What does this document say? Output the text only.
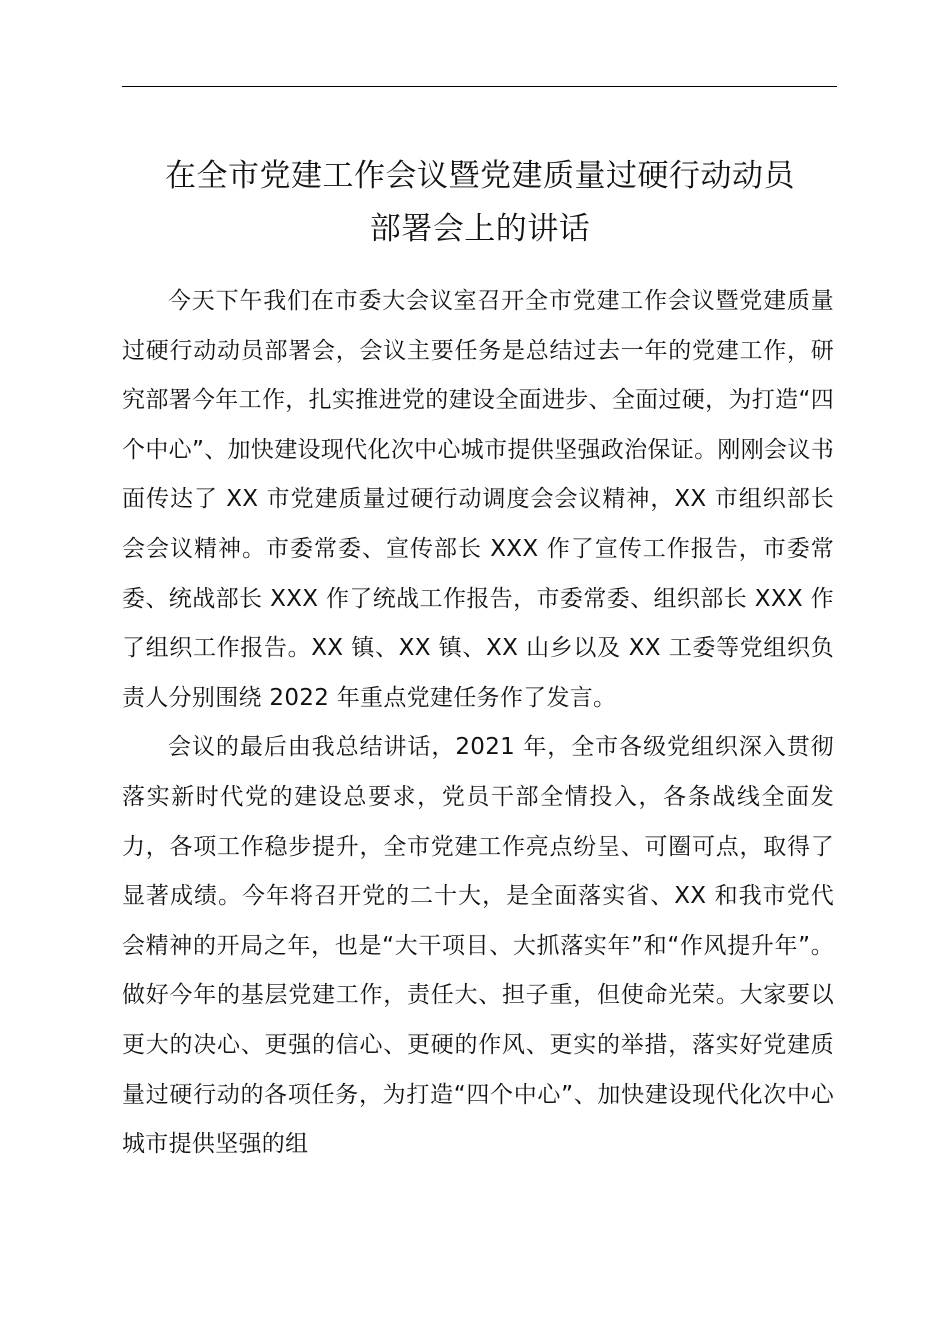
在全市党建工作会议暨党建质量过硬行动动员
部署会上的讲话

今天下午我们在市委大会议室召开全市党建工作会议暨党建质量过硬行动动员部署会，会议主要任务是总结过去一年的党建工作，研究部署今年工作，扎实推进党的建设全面进步、全面过硬，为打造“四个中心”、加快建设现代化次中心城市提供坚强政治保证。刚刚会议书面传达了 XX 市党建质量过硬行动调度会会议精神，XX 市组织部长会会议精神。市委常委、宣传部长 XXX 作了宣传工作报告，市委常委、统战部长 XXX 作了统战工作报告，市委常委、组织部长 XXX 作了组织工作报告。XX 镇、XX 镇、XX 山乡以及 XX 工委等党组织负责人分别围绕 2022 年重点党建任务作了发言。

会议的最后由我总结讲话，2021 年，全市各级党组织深入贯彻落实新时代党的建设总要求，党员干部全情投入，各条战线全面发力，各项工作稳步提升，全市党建工作亮点纷呈、可圈可点，取得了显著成绩。今年将召开党的二十大，是全面落实省、XX 和我市党代会精神的开局之年，也是“大干项目、大抓落实年”和“作风提升年”。做好今年的基层党建工作，责任大、担子重，但使命光荣。大家要以更大的决心、更强的信心、更硬的作风、更实的举措，落实好党建质量过硬行动的各项任务，为打造“四个中心”、加快建设现代化次中心城市提供坚强的组
